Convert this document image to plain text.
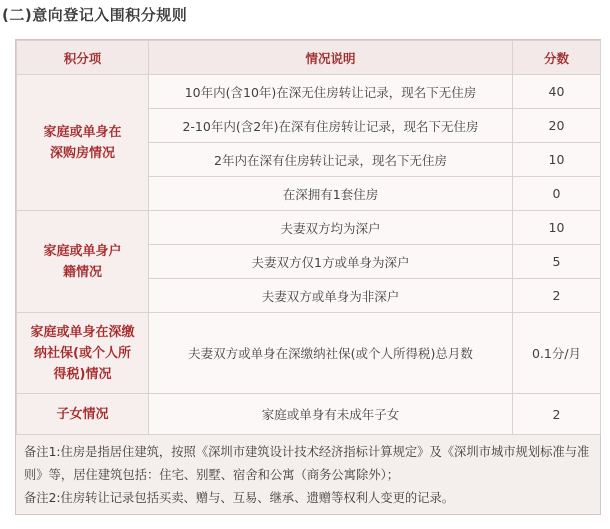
(二)意向登记入围积分规则
积分项	情况说明	分数
家庭或单身在深购房情况	10年内(含10年)在深无住房转让记录，现名下无住房	40
	2-10年内(含2年)在深有住房转让记录，现名下无住房	20
	2年内在深有住房转让记录，现名下无住房	10
	在深拥有1套住房	0
家庭或单身户籍情况	夫妻双方均为深户	10
	夫妻双方仅1方或单身为深户	5
	夫妻双方或单身为非深户	2
家庭或单身在深缴纳社保(或个人所得税)情况	夫妻双方或单身在深缴纳社保(或个人所得税)总月数	0.1分/月
子女情况	家庭或单身有未成年子女	2

备注1:住房是指居住建筑，按照《深圳市建筑设计技术经济指标计算规定》及《深圳市城市规划标准与准则》等，居住建筑包括：住宅、别墅、宿舍和公寓（商务公寓除外）；

备注2:住房转让记录包括买卖、赠与、互易、继承、遗赠等权利人变更的记录。
